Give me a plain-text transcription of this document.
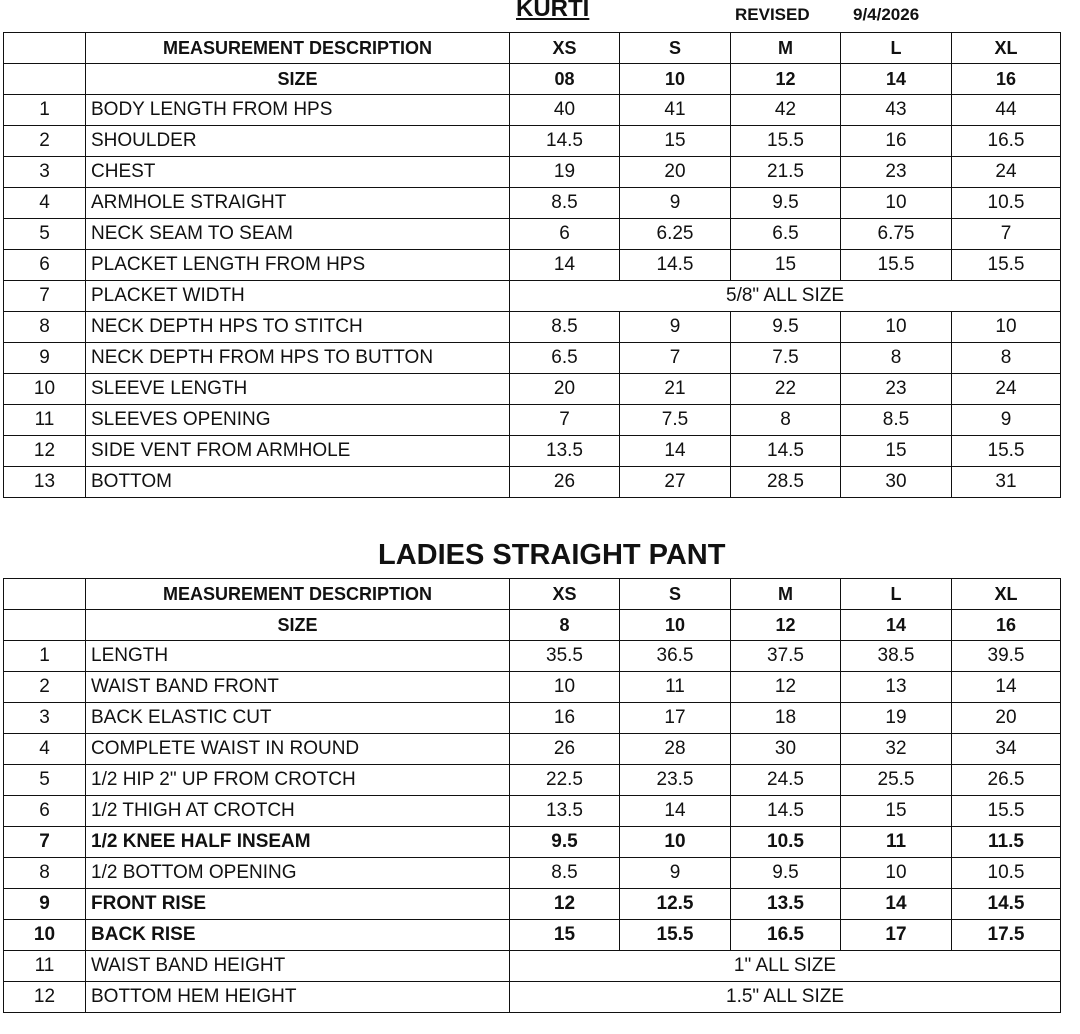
KURTI	REVISED	9/4/2026
	MEASUREMENT DESCRIPTION	XS	S	M	L	XL
	SIZE	08	10	12	14	16
1	BODY LENGTH FROM HPS	40	41	42	43	44
2	SHOULDER	14.5	15	15.5	16	16.5
3	CHEST	19	20	21.5	23	24
4	ARMHOLE STRAIGHT	8.5	9	9.5	10	10.5
5	NECK SEAM TO SEAM	6	6.25	6.5	6.75	7
6	PLACKET LENGTH FROM HPS	14	14.5	15	15.5	15.5
7	PLACKET WIDTH	5/8" ALL SIZE				
8	NECK DEPTH HPS TO STITCH	8.5	9	9.5	10	10
9	NECK DEPTH FROM HPS TO BUTTON	6.5	7	7.5	8	8
10	SLEEVE LENGTH	20	21	22	23	24
11	SLEEVES OPENING	7	7.5	8	8.5	9
12	SIDE VENT FROM ARMHOLE	13.5	14	14.5	15	15.5
13	BOTTOM	26	27	28.5	30	31
LADIES STRAIGHT PANT
	MEASUREMENT DESCRIPTION	XS	S	M	L	XL
	SIZE	8	10	12	14	16
1	LENGTH	35.5	36.5	37.5	38.5	39.5
2	WAIST BAND FRONT	10	11	12	13	14
3	BACK ELASTIC CUT	16	17	18	19	20
4	COMPLETE WAIST IN ROUND	26	28	30	32	34
5	1/2 HIP 2" UP FROM CROTCH	22.5	23.5	24.5	25.5	26.5
6	1/2 THIGH AT CROTCH	13.5	14	14.5	15	15.5
7	1/2 KNEE HALF INSEAM	9.5	10	10.5	11	11.5
8	1/2 BOTTOM OPENING	8.5	9	9.5	10	10.5
9	FRONT RISE	12	12.5	13.5	14	14.5
10	BACK RISE	15	15.5	16.5	17	17.5
11	WAIST BAND HEIGHT	1" ALL SIZE				
12	BOTTOM HEM HEIGHT	1.5" ALL SIZE				
